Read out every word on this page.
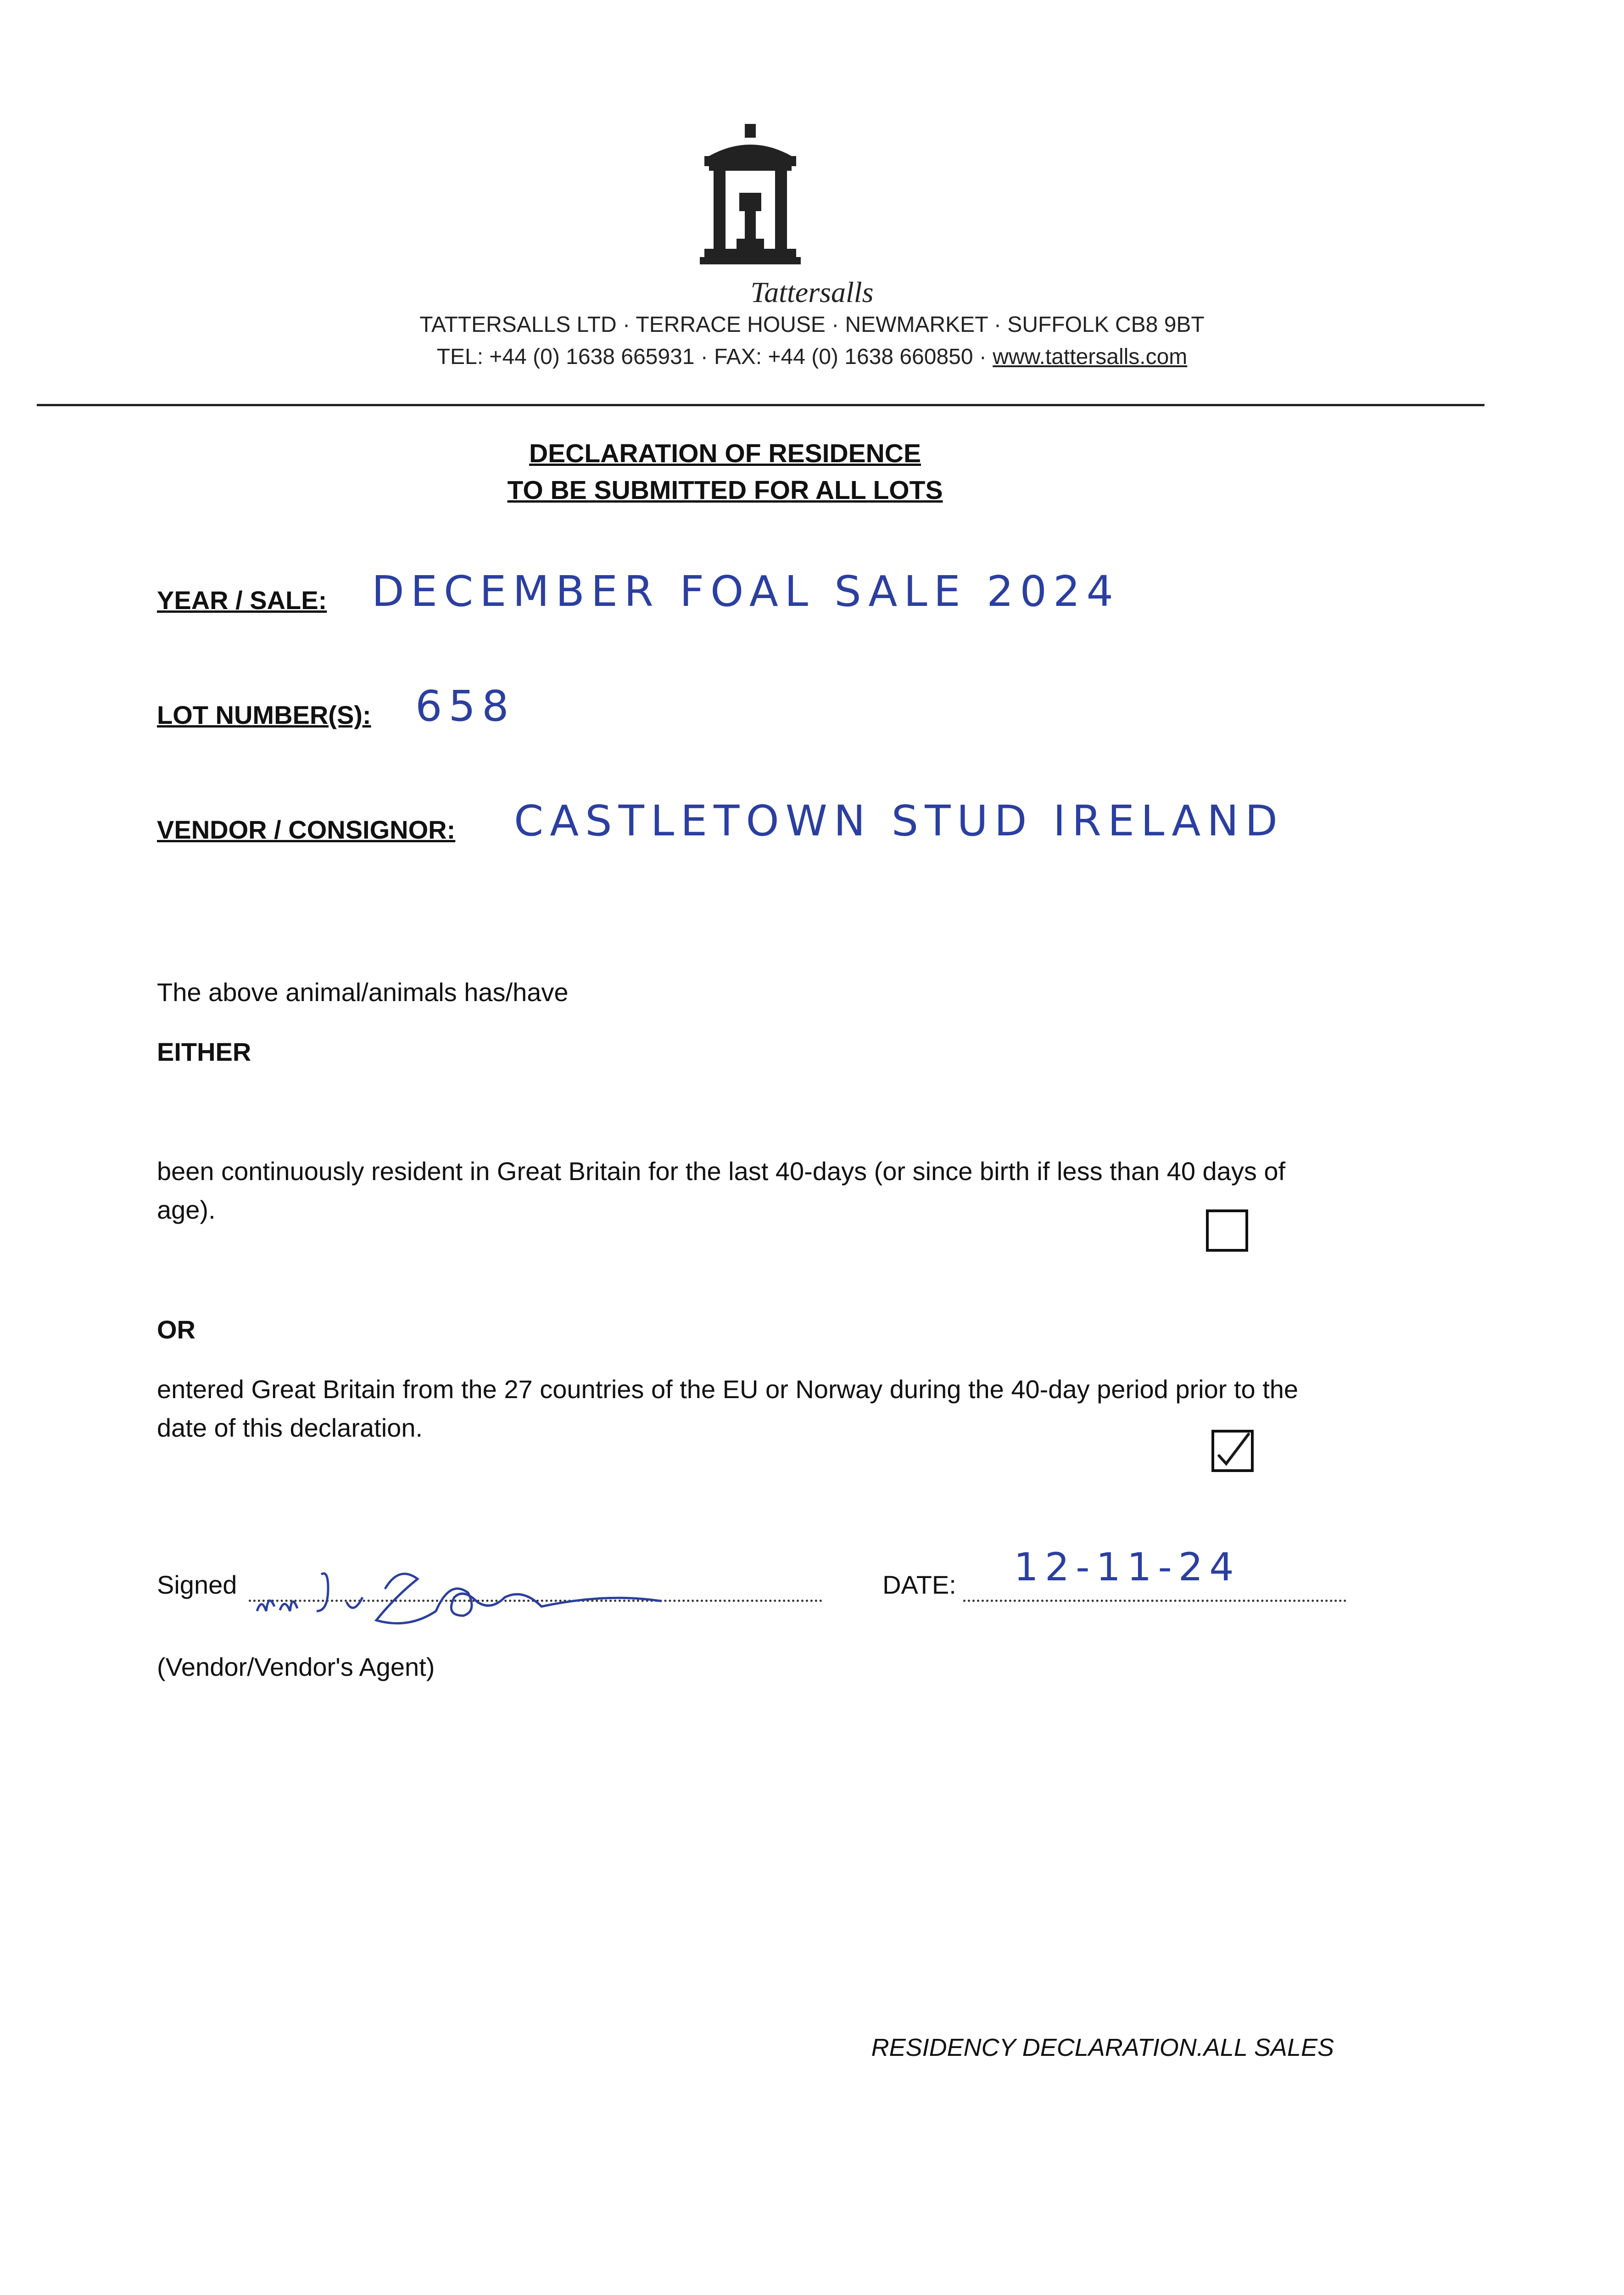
Tattersalls
TATTERSALLS LTD · TERRACE HOUSE · NEWMARKET · SUFFOLK CB8 9BT
TEL: +44 (0) 1638 665931 · FAX: +44 (0) 1638 660850 · www.tattersalls.com
DECLARATION OF RESIDENCE
TO BE SUBMITTED FOR ALL LOTS
YEAR / SALE: DECEMBER FOAL SALE 2024
LOT NUMBER(S): 658
VENDOR / CONSIGNOR: CASTLETOWN STUD IRELAND
The above animal/animals has/have
EITHER
been continuously resident in Great Britain for the last 40-days (or since birth if less than 40 days of age).
OR
entered Great Britain from the 27 countries of the EU or Norway during the 40-day period prior to the date of this declaration.
Signed	DATE: 12-11-24
(Vendor/Vendor's Agent)
RESIDENCY DECLARATION.ALL SALES
